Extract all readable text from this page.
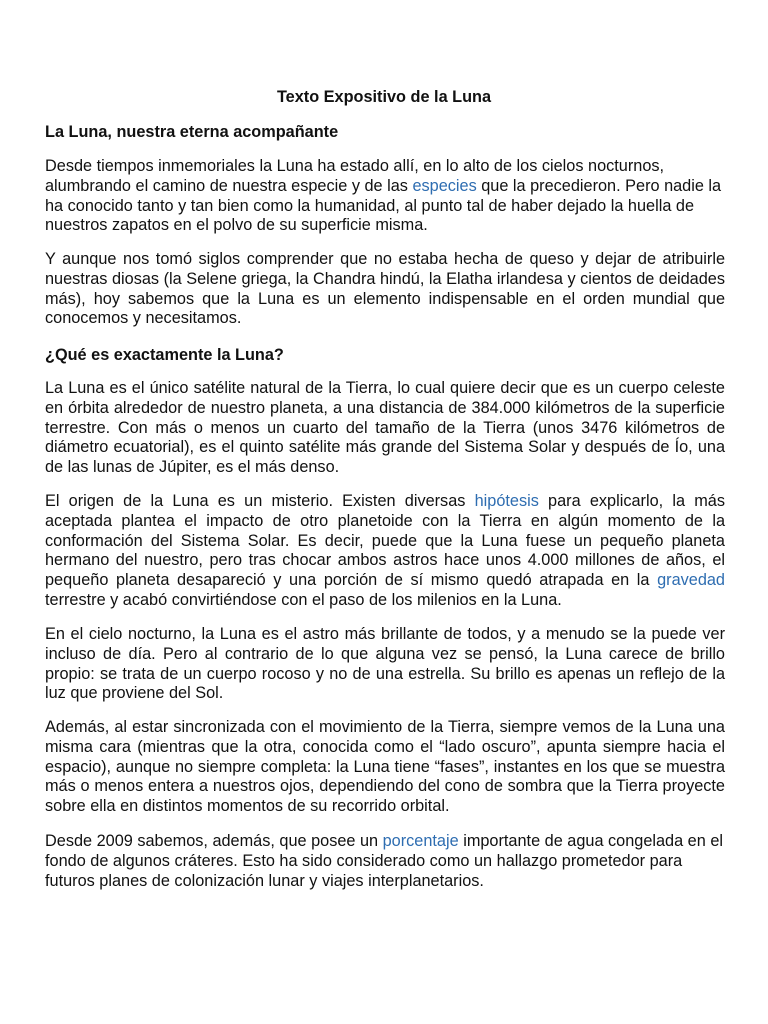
Texto Expositivo de la Luna
La Luna, nuestra eterna acompañante

Desde tiempos inmemoriales la Luna ha estado allí, en lo alto de los cielos nocturnos, alumbrando el camino de nuestra especie y de las especies que la precedieron. Pero nadie la ha conocido tanto y tan bien como la humanidad, al punto tal de haber dejado la huella de nuestros zapatos en el polvo de su superficie misma.

Y aunque nos tomó siglos comprender que no estaba hecha de queso y dejar de atribuirle nuestras diosas (la Selene griega, la Chandra hindú, la Elatha irlandesa y cientos de deidades más), hoy sabemos que la Luna es un elemento indispensable en el orden mundial que conocemos y necesitamos.

¿Qué es exactamente la Luna?

La Luna es el único satélite natural de la Tierra, lo cual quiere decir que es un cuerpo celeste en órbita alrededor de nuestro planeta, a una distancia de 384.000 kilómetros de la superficie terrestre. Con más o menos un cuarto del tamaño de la Tierra (unos 3476 kilómetros de diámetro ecuatorial), es el quinto satélite más grande del Sistema Solar y después de Ío, una de las lunas de Júpiter, es el más denso.

El origen de la Luna es un misterio. Existen diversas hipótesis para explicarlo, la más aceptada plantea el impacto de otro planetoide con la Tierra en algún momento de la conformación del Sistema Solar. Es decir, puede que la Luna fuese un pequeño planeta hermano del nuestro, pero tras chocar ambos astros hace unos 4.000 millones de años, el pequeño planeta desapareció y una porción de sí mismo quedó atrapada en la gravedad terrestre y acabó convirtiéndose con el paso de los milenios en la Luna.

En el cielo nocturno, la Luna es el astro más brillante de todos, y a menudo se la puede ver incluso de día. Pero al contrario de lo que alguna vez se pensó, la Luna carece de brillo propio: se trata de un cuerpo rocoso y no de una estrella. Su brillo es apenas un reflejo de la luz que proviene del Sol.

Además, al estar sincronizada con el movimiento de la Tierra, siempre vemos de la Luna una misma cara (mientras que la otra, conocida como el “lado oscuro”, apunta siempre hacia el espacio), aunque no siempre completa: la Luna tiene “fases”, instantes en los que se muestra más o menos entera a nuestros ojos, dependiendo del cono de sombra que la Tierra proyecte sobre ella en distintos momentos de su recorrido orbital.

Desde 2009 sabemos, además, que posee un porcentaje importante de agua congelada en el fondo de algunos cráteres. Esto ha sido considerado como un hallazgo prometedor para futuros planes de colonización lunar y viajes interplanetarios.
